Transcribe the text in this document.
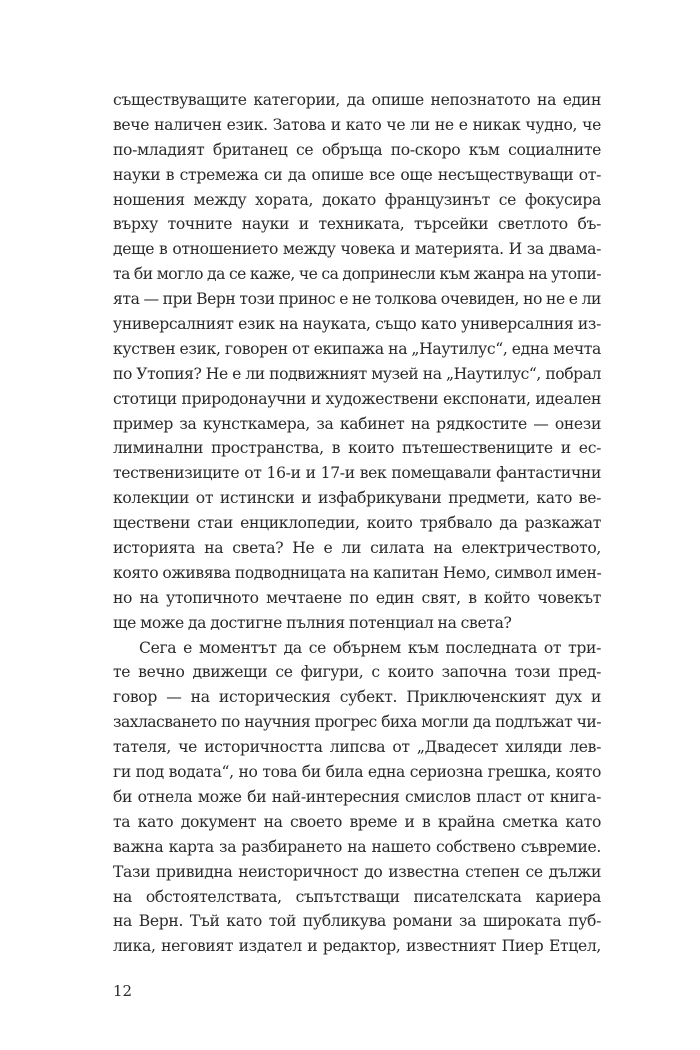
съществуващите категории, да опише непознатото на един
вече наличен език. Затова и като че ли не е никак чудно, че
по-младият британец се обръща по-скоро към социалните
науки в стремежа си да опише все още несъществуващи от-
ношения между хората, докато французинът се фокусира
върху точните науки и техниката, търсейки светлото бъ-
деще в отношението между човека и материята. И за двама-
та би могло да се каже, че са допринесли към жанра на утопи-
ята — при Верн този принос е не толкова очевиден, но не е ли
универсалният език на науката, също като универсалния из-
куствен език, говорен от екипажа на „Наутилус“, една мечта
по Утопия? Не е ли подвижният музей на „Наутилус“, побрал
стотици природонаучни и художествени експонати, идеален
пример за кунсткамера, за кабинет на рядкостите — онези
лиминални пространства, в които пътешествениците и ес-
тественизиците от 16-и и 17-и век помещавали фантастични
колекции от истински и изфабрикувани предмети, като ве-
ществени стаи енциклопедии, които трябвало да разкажат
историята на света? Не е ли силата на електричеството,
която оживява подводницата на капитан Немо, символ имен-
но на утопичното мечтаене по един свят, в който човекът
ще може да достигне пълния потенциал на света?
Сега е моментът да се обърнем към последната от три-
те вечно движещи се фигури, с които започна този пред-
говор — на историческия субект. Приключенският дух и
захласването по научния прогрес биха могли да подлъжат чи-
тателя, че историчността липсва от „Двадесет хиляди лев-
ги под водата“, но това би била една сериозна грешка, която
би отнела може би най-интересния смислов пласт от книга-
та като документ на своето време и в крайна сметка като
важна карта за разбирането на нашето собствено съвремие.
Тази привидна неисторичност до известна степен се дължи
на обстоятелствата, съпътстващи писателската кариера
на Верн. Тъй като той публикува романи за широката пуб-
лика, неговият издател и редактор, известният Пиер Етцел,
12
